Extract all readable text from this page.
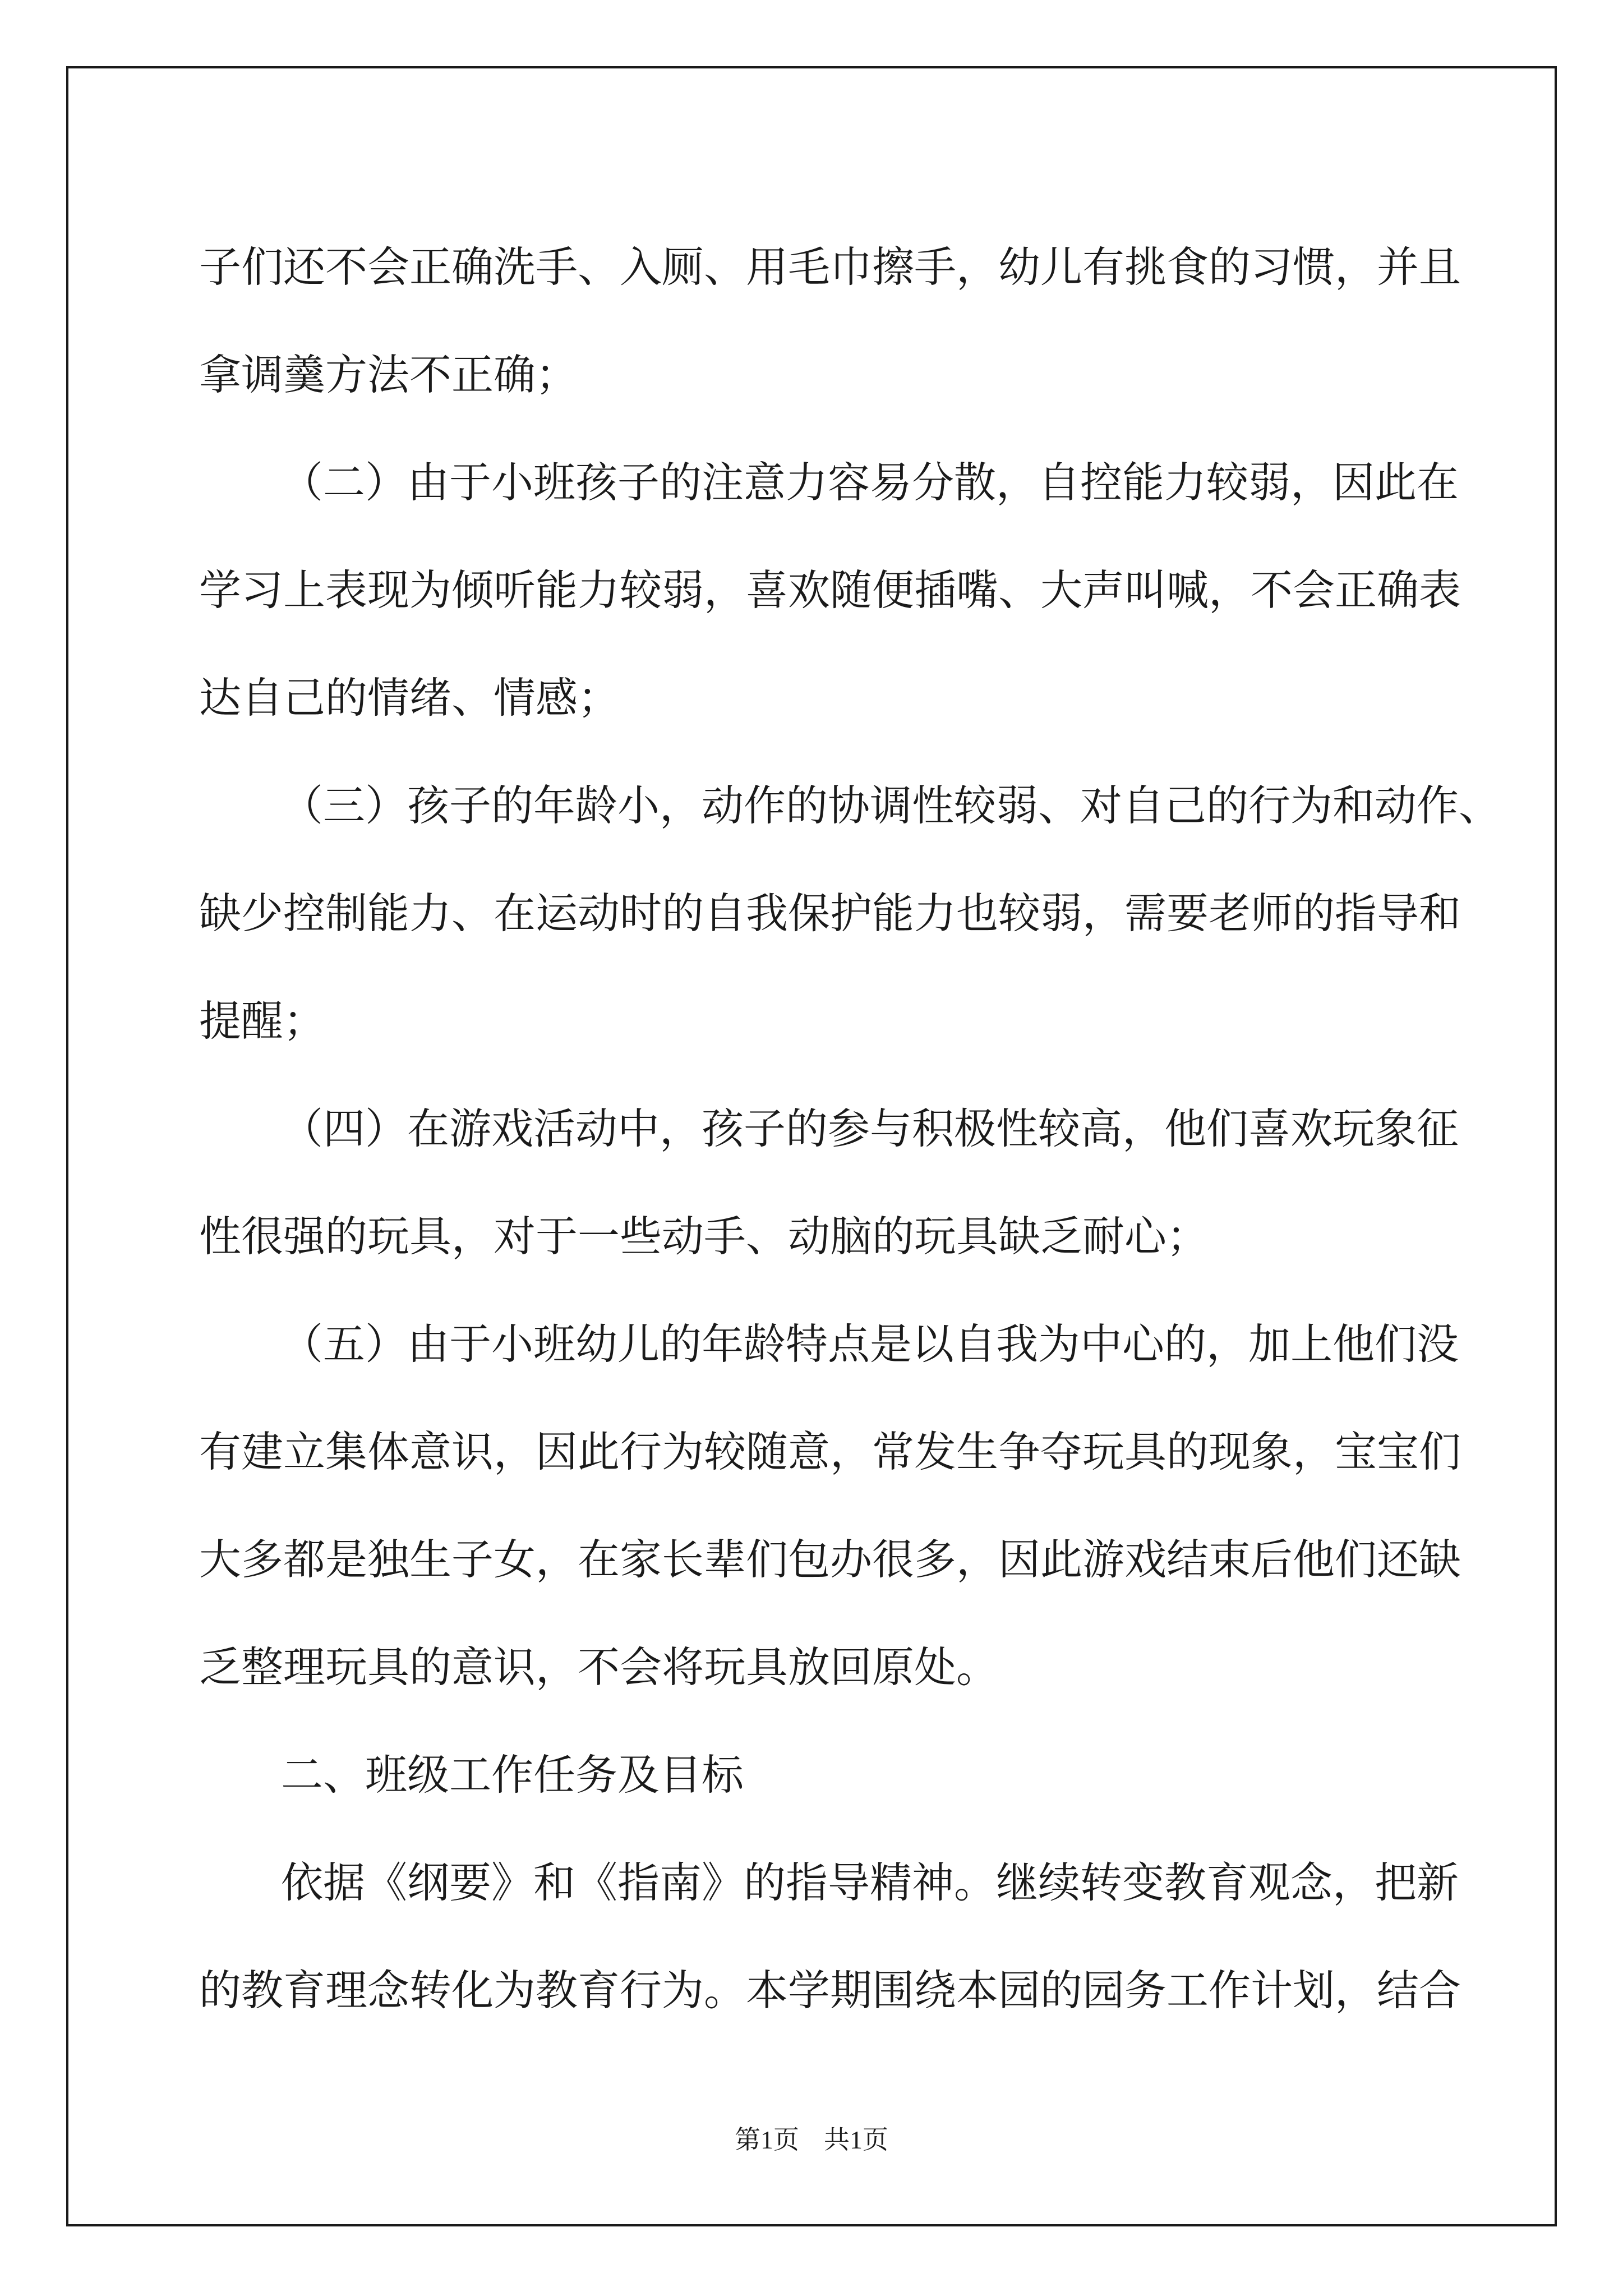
子们还不会正确洗手、入厕、用毛巾擦手，幼儿有挑食的习惯，并且
拿调羹方法不正确；
（二）由于小班孩子的注意力容易分散，自控能力较弱，因此在
学习上表现为倾听能力较弱，喜欢随便插嘴、大声叫喊，不会正确表
达自己的情绪、情感；
（三）孩子的年龄小，动作的协调性较弱、对自己的行为和动作、
缺少控制能力、在运动时的自我保护能力也较弱，需要老师的指导和
提醒；
（四）在游戏活动中，孩子的参与积极性较高，他们喜欢玩象征
性很强的玩具，对于一些动手、动脑的玩具缺乏耐心；
（五）由于小班幼儿的年龄特点是以自我为中心的，加上他们没
有建立集体意识，因此行为较随意，常发生争夺玩具的现象，宝宝们
大多都是独生子女，在家长辈们包办很多，因此游戏结束后他们还缺
乏整理玩具的意识，不会将玩具放回原处。
二、班级工作任务及目标
依据《纲要》和《指南》的指导精神。继续转变教育观念，把新
的教育理念转化为教育行为。本学期围绕本园的园务工作计划，结合
第1页 共1页
